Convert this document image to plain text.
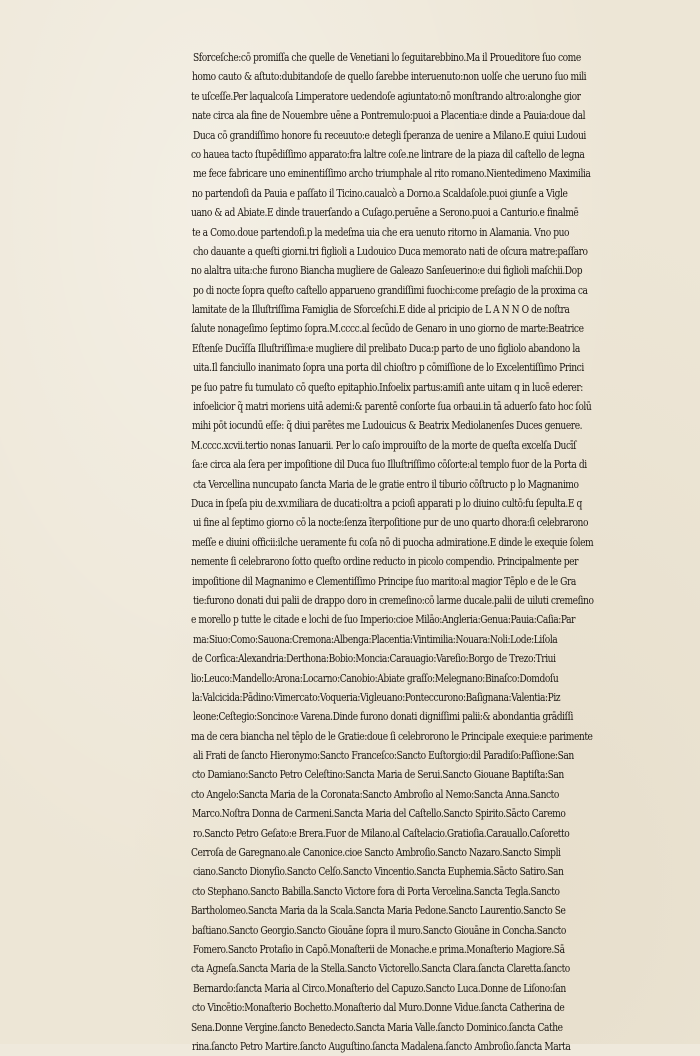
Sforceſche:cō promiſſa che quelle de Venetiani lo ſeguitarebbino.Ma il Proueditore ſuo come
homo cauto & aſtuto:dubitandoſe de quello ſarebbe interuenuto:non uolſe che ueruno ſuo mili
te uſceſſe.Per laqualcoſa Limperatore uedendoſe agiuntato:nō monſtrando altro:alonghe gior
nate circa ala fine de Nouembre uēne a Pontremulo:puoi a Placentia:e dinde a Pauia:doue dal
Duca cō grandiſſimo honore fu receuuto:e detegli ſperanza de uenire a Milano.E quiui Ludoui
co hauea tacto ſtupēdiſſimo apparato:fra laltre coſe.ne lintrare de la piaza dil caſtello de legna
me fece fabricare uno eminentiſſimo archo triumphale al rito romano.Nientedimeno Maximilia
no partendoſi da Pauia e paſſato il Ticino.caualcò a Dorno.a Scaldaſole.puoi giunſe a Vigle
uano & ad Abiate.E dinde trauerſando a Cuſago.peruēne a Serono.puoi a Canturio.e finalmē
te a Como.doue partendoſi.p la medeſma uia che era uenuto ritorno in Alamania. Vno puo
cho dauante a queſti giorni.tri figlioli a Ludouico Duca memorato nati de oſcura matre:paſſaro
no alaltra uita:che furono Biancha mugliere de Galeazo Sanſeuerino:e dui figlioli maſchii.Dop
po di nocte ſopra queſto caſtello apparueno grandiſſimi fuochi:come preſagio de la proxima ca
lamitate de la Illuſtriſſima Famiglia de Sforceſchi.E dide al pricipio de L A N N O de noſtra
ſalute nonageſimo ſeptimo ſopra.M.cccc.al ſecūdo de Genaro in uno giorno de marte:Beatrice
Eſtenſe Ducīſſa Illuſtriſſima:e mugliere dil prelibato Duca:p parto de uno figliolo abandono la
uita.Il fanciullo inanimato ſopra una porta dil chioſtro p cōmiſſione de lo Excelentiſſimo Princi
pe ſuo patre fu tumulato cō queſto epitaphio.Infoelix partus:amiſi ante uitam q in lucē ederer:
infoelicior q̃ matri moriens uitā ademi:& parentē conſorte ſua orbaui.in tā aduerſo fato hoc ſolū
mihi pōt iocundū eſſe: q̃ diui parētes me Ludouicus & Beatrix Mediolanenſes Duces genuere.
M.cccc.xcvii.tertio nonas Ianuarii. Per lo caſo improuiſto de la morte de queſta excelſa Ducīſ
ſa:e circa ala ſera per impoſitione dil Duca ſuo Illuſtriſſimo cōſorte:al templo fuor de la Porta di
cta Vercellina nuncupato ſancta Maria de le gratie entro il tiburio cōſtructo p lo Magnanimo
Duca in ſpeſa piu de.xv.miliara de ducati:oltra a pcioſi apparati p lo diuino cultō:fu ſepulta.E q
ui fine al ſeptimo giorno cō la nocte:ſenza īterpoſitione pur de uno quarto dhora:ſi celebrarono
meſſe e diuini officii:ilche ueramente fu coſa nō di puocha admiratione.E dinde le exequie ſolem
nemente ſi celebrarono ſotto queſto ordine reducto in picolo compendio. Principalmente per
impoſitione dil Magnanimo e Clementiſſimo Principe ſuo marito:al magior Tēplo e de le Gra
tie:furono donati dui palii de drappo doro in cremeſino:cō larme ducale.palii de uiluti cremeſino
e morello p tutte le citade e lochi de ſuo Imperio:cioe Milāo:Angleria:Genua:Pauia:Caſia:Par
ma:Siuo:Como:Sauona:Cremona:Albenga:Placentia:Vintimilia:Nouara:Noli:Lode:Liſola
de Corſica:Alexandria:Derthona:Bobio:Moncia:Carauagio:Vareſio:Borgo de Trezo:Triui
lio:Leuco:Mandello:Arona:Locarno:Canobio:Abiate graſſo:Melegnano:Binaſco:Domdoſu
la:Valcicida:Pādino:Vimercato:Voqueria:Vigleuano:Ponteccurono:Baſignana:Valentia:Piz
leone:Ceſtegio:Soncino:e Varena.Dinde furono donati digniſſimi palii:& abondantia grādiſſi
ma de cera biancha nel tēplo de le Gratie:doue ſi celebrorono le Principale exequie:e parimente
ali Frati de ſancto Hieronymo:Sancto Franceſco:Sancto Euſtorgio:dil Paradiſo:Paſſione:San
cto Damiano:Sancto Petro Celeſtino:Sancta Maria de Serui.Sancto Giouane Baptiſta:San
cto Angelo:Sancta Maria de la Coronata:Sancto Ambroſio al Nemo:Sancta Anna.Sancto
Marco.Noſtra Donna de Carmeni.Sancta Maria del Caſtello.Sancto Spirito.Sācto Caremo
ro.Sancto Petro Geſato:e Brera.Fuor de Milano.al Caſtelacio.Gratioſia.Carauallo.Caſoretto
Cerroſa de Garegnano.ale Canonice.cioe Sancto Ambroſio.Sancto Nazaro.Sancto Simpli
ciano.Sancto Dionyſio.Sancto Celſo.Sancto Vincentio.Sancta Euphemia.Sācto Satiro.San
cto Stephano.Sancto Babilla.Sancto Victore fora di Porta Vercelina.Sancta Tegla.Sancto
Bartholomeo.Sancta Maria da la Scala.Sancta Maria Pedone.Sancto Laurentio.Sancto Se
baſtiano.Sancto Georgio.Sancto Giouāne ſopra il muro.Sancto Giouāne in Concha.Sancto
Fomero.Sancto Protaſio in Capō.Monaſterii de Monache.e prima.Monaſterio Magiore.Sā
cta Agneſa.Sancta Maria de la Stella.Sancto Victorello.Sancta Clara.ſancta Claretta.ſancto
Bernardo:ſancta Maria al Circo.Monaſterio del Capuzo.Sancto Luca.Donne de Liſono:ſan
cto Vincētio:Monaſterio Bochetto.Monaſterio dal Muro.Donne Vidue.ſancta Catherina de
Sena.Donne Vergine.ſancto Benedecto.Sancta Maria Valle.ſancto Dominico.ſancta Cathe
rina.ſancto Petro Martire.ſancto Auguſtino.ſancta Madalena.ſancto Ambroſio.ſancta Marta
